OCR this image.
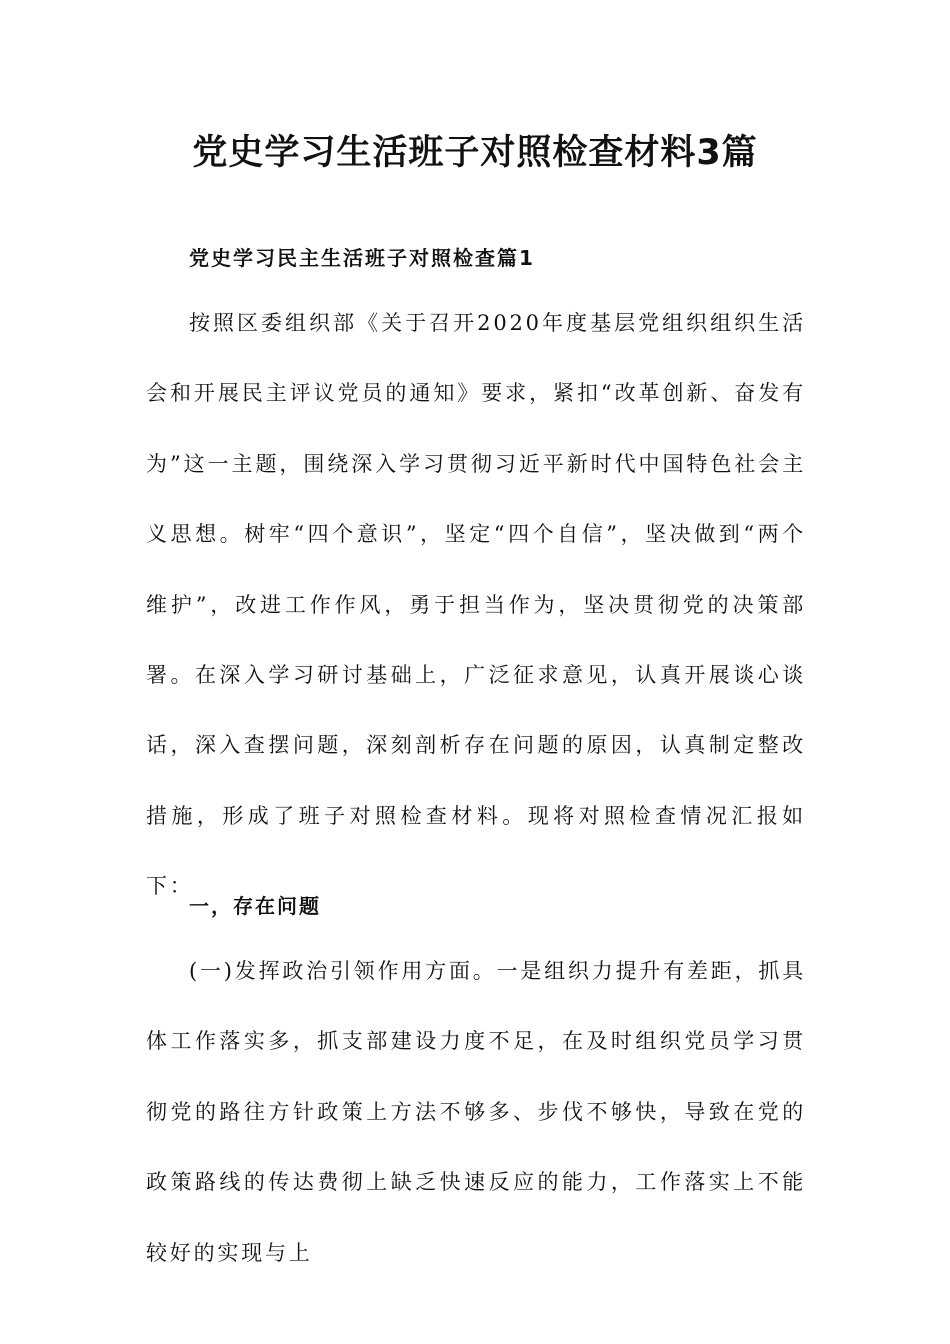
党史学习生活班子对照检查材料3篇
党史学习民主生活班子对照检查篇1

按照区委组织部《关于召开2020年度基层党组织组织生活会和开展民主评议党员的通知》要求，紧扣“改革创新、奋发有为”这一主题，围绕深入学习贯彻习近平新时代中国特色社会主义思想。树牢“四个意识”，坚定“四个自信”，坚决做到“两个维护”，改进工作作风，勇于担当作为，坚决贯彻党的决策部署。在深入学习研讨基础上，广泛征求意见，认真开展谈心谈话，深入查摆问题，深刻剖析存在问题的原因，认真制定整改措施，形成了班子对照检查材料。现将对照检查情况汇报如下：

一，存在问题

(一)发挥政治引领作用方面。一是组织力提升有差距，抓具体工作落实多，抓支部建设力度不足，在及时组织党员学习贯彻党的路往方针政策上方法不够多、步伐不够快，导致在党的政策路线的传达费彻上缺乏快速反应的能力，工作落实上不能较好的实现与上
